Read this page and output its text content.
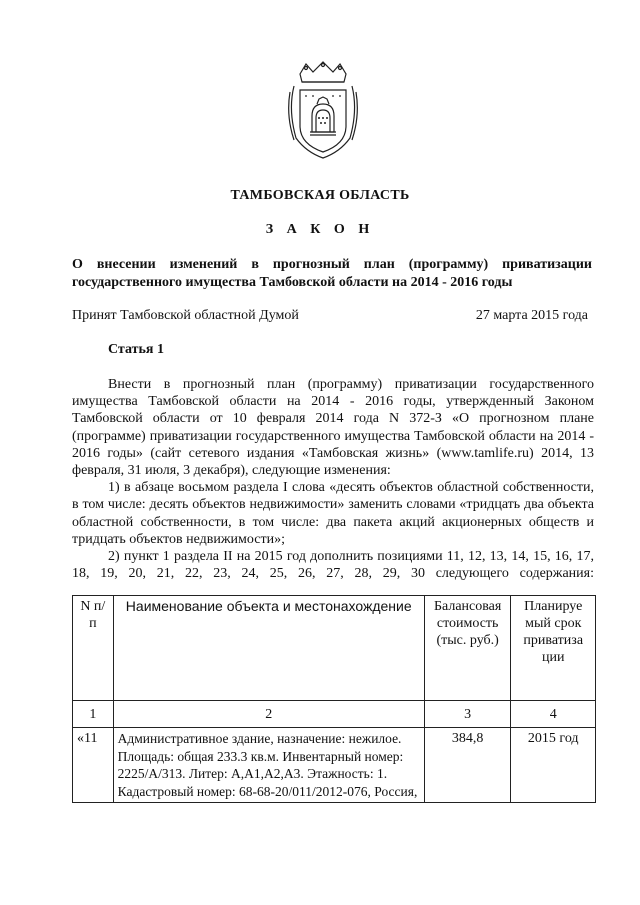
ТАМБОВСКАЯ ОБЛАСТЬ
З А К О Н
О внесении изменений в прогнозный план (программу) приватизации государственного имущества Тамбовской области на 2014 - 2016 годы
Принят Тамбовской областной Думой	27 марта 2015 года
Статья 1

Внести в прогнозный план (программу) приватизации государственного имущества Тамбовской области на 2014 - 2016 годы, утвержденный Законом Тамбовской области от 10 февраля 2014 года N 372-З «О прогнозном плане (программе) приватизации государственного имущества Тамбовской области на 2014 - 2016 годы» (сайт сетевого издания «Тамбовская жизнь» (www.tamlife.ru) 2014, 13 февраля, 31 июля, 3 декабря), следующие изменения:

1) в абзаце восьмом раздела I слова «десять объектов областной собственности, в том числе: десять объектов недвижимости» заменить словами «тридцать два объекта областной собственности, в том числе: два пакета акций акционерных обществ и тридцать объектов недвижимости»;

2) пункт 1 раздела II на 2015 год дополнить позициями 11, 12, 13, 14, 15, 16, 17, 18, 19, 20, 21, 22, 23, 24, 25, 26, 27, 28, 29, 30 следующего содержания:

N п/п	Наименование объекта и местонахождение	Балансовая стоимость (тыс. руб.)	Планируе мый срок приватиза ции
1	2	3	4
«11	Административное здание, назначение: нежилое. Площадь: общая 233.3 кв.м. Инвентарный номер: 2225/А/313. Литер: А,А1,А2,А3. Этажность: 1. Кадастровый номер: 68-68-20/011/2012-076, Россия,	384,8	2015 год
